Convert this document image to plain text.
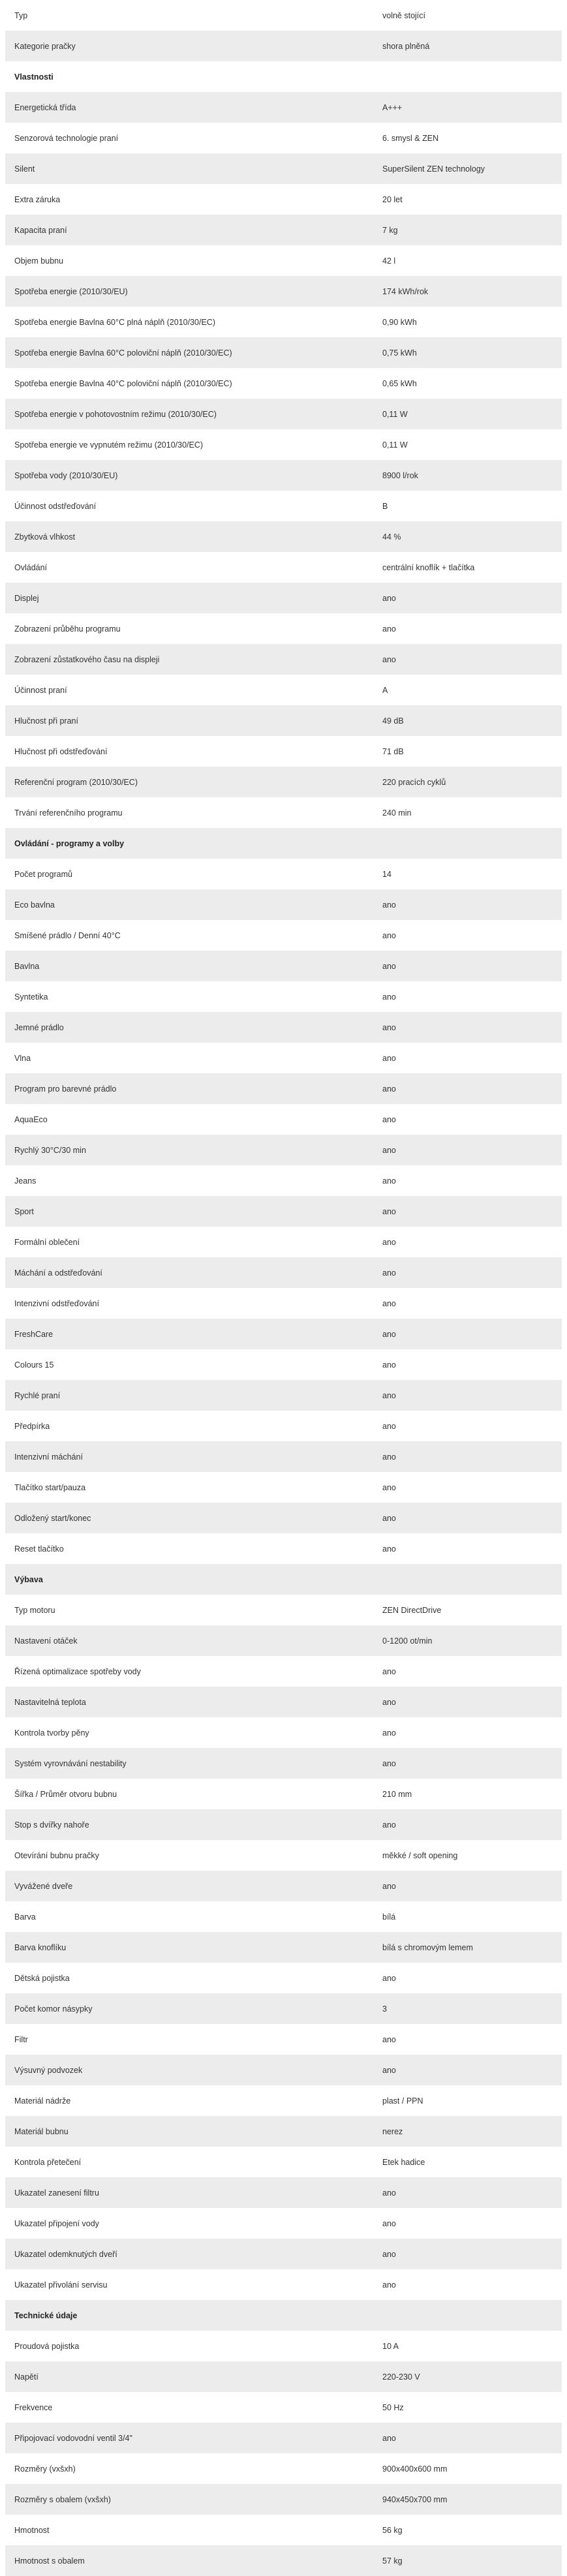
Typ	volně stojící
Kategorie pračky	shora plněná
Vlastnosti
Energetická třída	A+++
Senzorová technologie praní	6. smysl & ZEN
Silent	SuperSilent ZEN technology
Extra záruka	20 let
Kapacita praní	7 kg
Objem bubnu	42 l
Spotřeba energie (2010/30/EU)	174 kWh/rok
Spotřeba energie Bavlna 60°C plná náplň (2010/30/EC)	0,90 kWh
Spotřeba energie Bavlna 60°C poloviční náplň (2010/30/EC)	0,75 kWh
Spotřeba energie Bavlna 40°C poloviční náplň (2010/30/EC)	0,65 kWh
Spotřeba energie v pohotovostním režimu (2010/30/EC)	0,11 W
Spotřeba energie ve vypnutém režimu (2010/30/EC)	0,11 W
Spotřeba vody (2010/30/EU)	8900 l/rok
Účinnost odstřeďování	B
Zbytková vlhkost	44 %
Ovládání	centrální knoflík + tlačítka
Displej	ano
Zobrazení průběhu programu	ano
Zobrazení zůstatkového času na displeji	ano
Účinnost praní	A
Hlučnost při praní	49 dB
Hlučnost při odstřeďování	71 dB
Referenční program (2010/30/EC)	220 pracích cyklů
Trvání referenčního programu	240 min
Ovládání - programy a volby
Počet programů	14
Eco bavlna	ano
Smíšené prádlo / Denní 40°C	ano
Bavlna	ano
Syntetika	ano
Jemné prádlo	ano
Vlna	ano
Program pro barevné prádlo	ano
AquaEco	ano
Rychlý 30°C/30 min	ano
Jeans	ano
Sport	ano
Formální oblečení	ano
Máchání a odstřeďování	ano
Intenzivní odstřeďování	ano
FreshCare	ano
Colours 15	ano
Rychlé praní	ano
Předpírka	ano
Intenzivní máchání	ano
Tlačítko start/pauza	ano
Odložený start/konec	ano
Reset tlačítko	ano
Výbava
Typ motoru	ZEN DirectDrive
Nastavení otáček	0-1200 ot/min
Řízená optimalizace spotřeby vody	ano
Nastavitelná teplota	ano
Kontrola tvorby pěny	ano
Systém vyrovnávání nestability	ano
Šířka / Průměr otvoru bubnu	210 mm
Stop s dvířky nahoře	ano
Otevírání bubnu pračky	měkké / soft opening
Vyvážené dveře	ano
Barva	bílá
Barva knoflíku	bílá s chromovým lemem
Dětská pojistka	ano
Počet komor násypky	3
Filtr	ano
Výsuvný podvozek	ano
Materiál nádrže	plast / PPN
Materiál bubnu	nerez
Kontrola přetečení	Etek hadice
Ukazatel zanesení filtru	ano
Ukazatel připojení vody	ano
Ukazatel odemknutých dveří	ano
Ukazatel přivolání servisu	ano
Technické údaje
Proudová pojistka	10 A
Napětí	220-230 V
Frekvence	50 Hz
Připojovací vodovodní ventil 3/4"	ano
Rozměry (vxšxh)	900x400x600 mm
Rozměry s obalem (vxšxh)	940x450x700 mm
Hmotnost	56 kg
Hmotnost s obalem	57 kg
